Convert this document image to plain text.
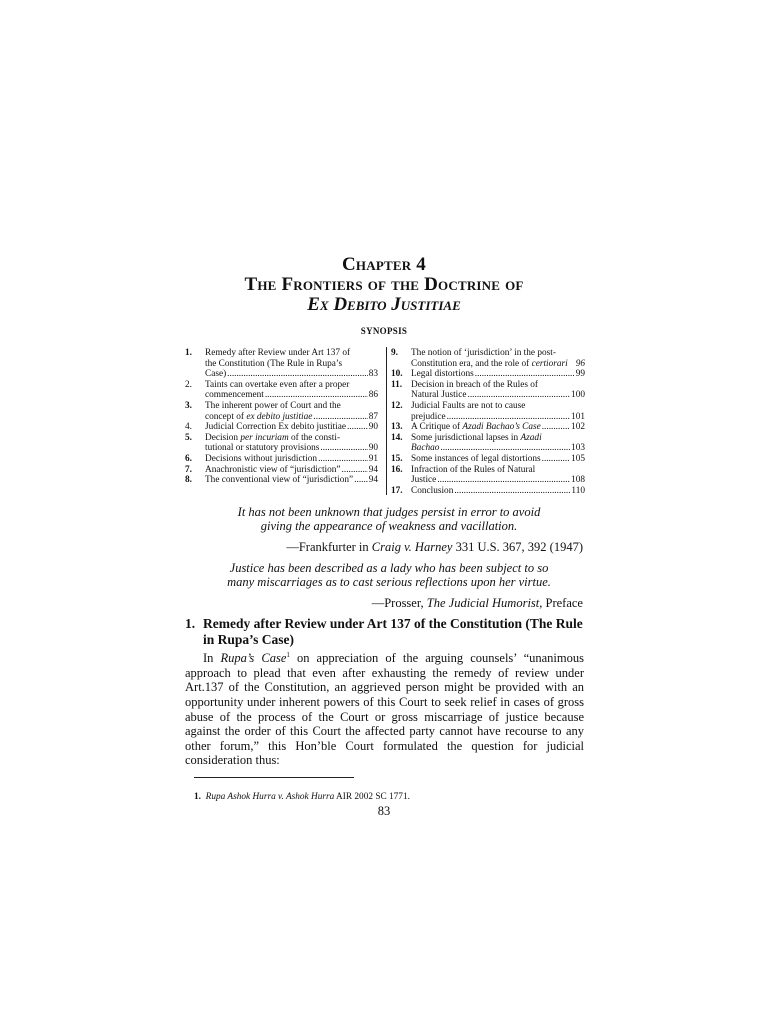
Chapter 4
The Frontiers of the Doctrine of
Ex Debito Justitiae
SYNOPSIS
1. Remedy after Review under Art 137 of
the Constitution (The Rule in Rupa’s
Case) .....	83
2. Taints can overtake even after a proper
commencement .....	86
3. The inherent power of Court and the
concept of ex debito justitiae .....	87
4. Judicial Correction Ex debito justitiae ..... 90
5. Decision per incuriam of the consti-
tutional or statutory provisions .....	90
6. Decisions without jurisdiction .....	91
7. Anachronistic view of “jurisdiction” .....	94
8. The conventional view of “jurisdiction” ..... 94
9. The notion of ‘jurisdiction’ in the post-
Constitution era, and the role of certiorari 96
10. Legal distortions .....	99
11. Decision in breach of the Rules of
Natural Justice .....	100
12. Judicial Faults are not to cause
prejudice .....	101
13. A Critique of Azadi Bachao’s Case .....	102
14. Some jurisdictional lapses in Azadi
Bachao .....	103
15. Some instances of legal distortions .....	105
16. Infraction of the Rules of Natural
Justice .....	108
17. Conclusion .....	110
It has not been unknown that judges persist in error to avoid
giving the appearance of weakness and vacillation.
—Frankfurter in Craig v. Harney 331 U.S. 367, 392 (1947)
Justice has been described as a lady who has been subject to so
many miscarriages as to cast serious reflections upon her virtue.
—Prosser, The Judicial Humorist, Preface
1. Remedy after Review under Art 137 of the Constitution (The Rule
in Rupa’s Case)
In Rupa’s Case$^1$ on appreciation of the arguing counsels’ “unanimous approach to plead that even after exhausting the remedy of review under Art.137 of the Constitution, an aggrieved person might be provided with an opportunity under inherent powers of this Court to seek relief in cases of gross abuse of the process of the Court or gross miscarriage of justice because against the order of this Court the affected party cannot have recourse to any other forum,” this Hon’ble Court formulated the question for judicial consideration thus:
1. Rupa Ashok Hurra v. Ashok Hurra AIR 2002 SC 1771.
83
